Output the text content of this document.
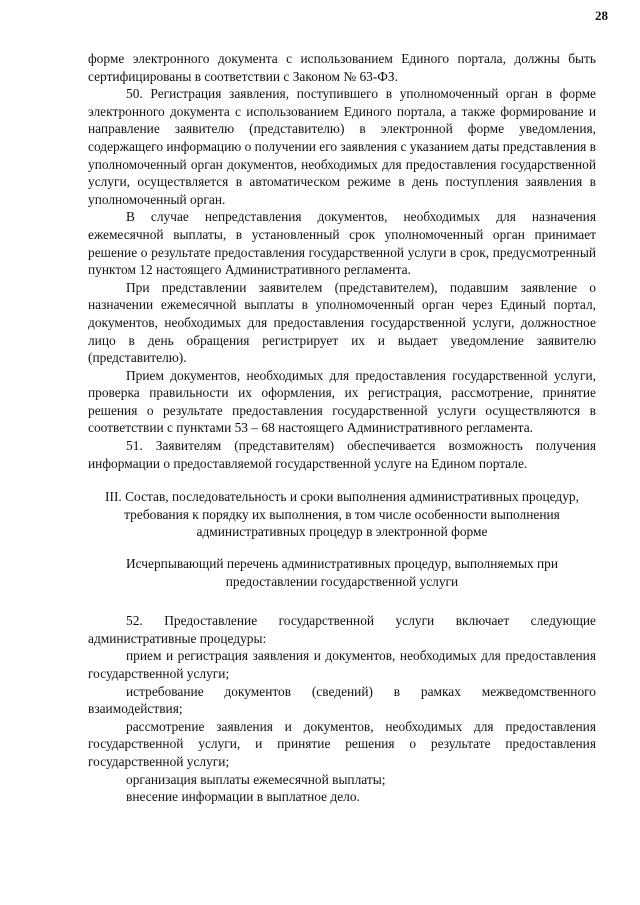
28

форме электронного документа с использованием Единого портала, должны быть сертифицированы в соответствии с Законом № 63-ФЗ.

50. Регистрация заявления, поступившего в уполномоченный орган в форме электронного документа с использованием Единого портала, а также формирование и направление заявителю (представителю) в электронной форме уведомления, содержащего информацию о получении его заявления с указанием даты представления в уполномоченный орган документов, необходимых для предоставления государственной услуги, осуществляется в автоматическом режиме в день поступления заявления в уполномоченный орган.

В случае непредставления документов, необходимых для назначения ежемесячной выплаты, в установленный срок уполномоченный орган принимает решение о результате предоставления государственной услуги в срок, предусмотренный пунктом 12 настоящего Административного регламента.

При представлении заявителем (представителем), подавшим заявление о назначении ежемесячной выплаты в уполномоченный орган через Единый портал, документов, необходимых для предоставления государственной услуги, должностное лицо в день обращения регистрирует их и выдает уведомление заявителю (представителю).

Прием документов, необходимых для предоставления государственной услуги, проверка правильности их оформления, их регистрация, рассмотрение, принятие решения о результате предоставления государственной услуги осуществляются в соответствии с пунктами 53 – 68 настоящего Административного регламента.

51. Заявителям (представителям) обеспечивается возможность получения информации о предоставляемой государственной услуге на Едином портале.

III. Состав, последовательность и сроки выполнения административных процедур, требования к порядку их выполнения, в том числе особенности выполнения административных процедур в электронной форме

Исчерпывающий перечень административных процедур, выполняемых при предоставлении государственной услуги

52. Предоставление государственной услуги включает следующие административные процедуры:

прием и регистрация заявления и документов, необходимых для предоставления государственной услуги;

истребование документов (сведений) в рамках межведомственного взаимодействия;

рассмотрение заявления и документов, необходимых для предоставления государственной услуги, и принятие решения о результате предоставления государственной услуги;

организация выплаты ежемесячной выплаты;

внесение информации в выплатное дело.
